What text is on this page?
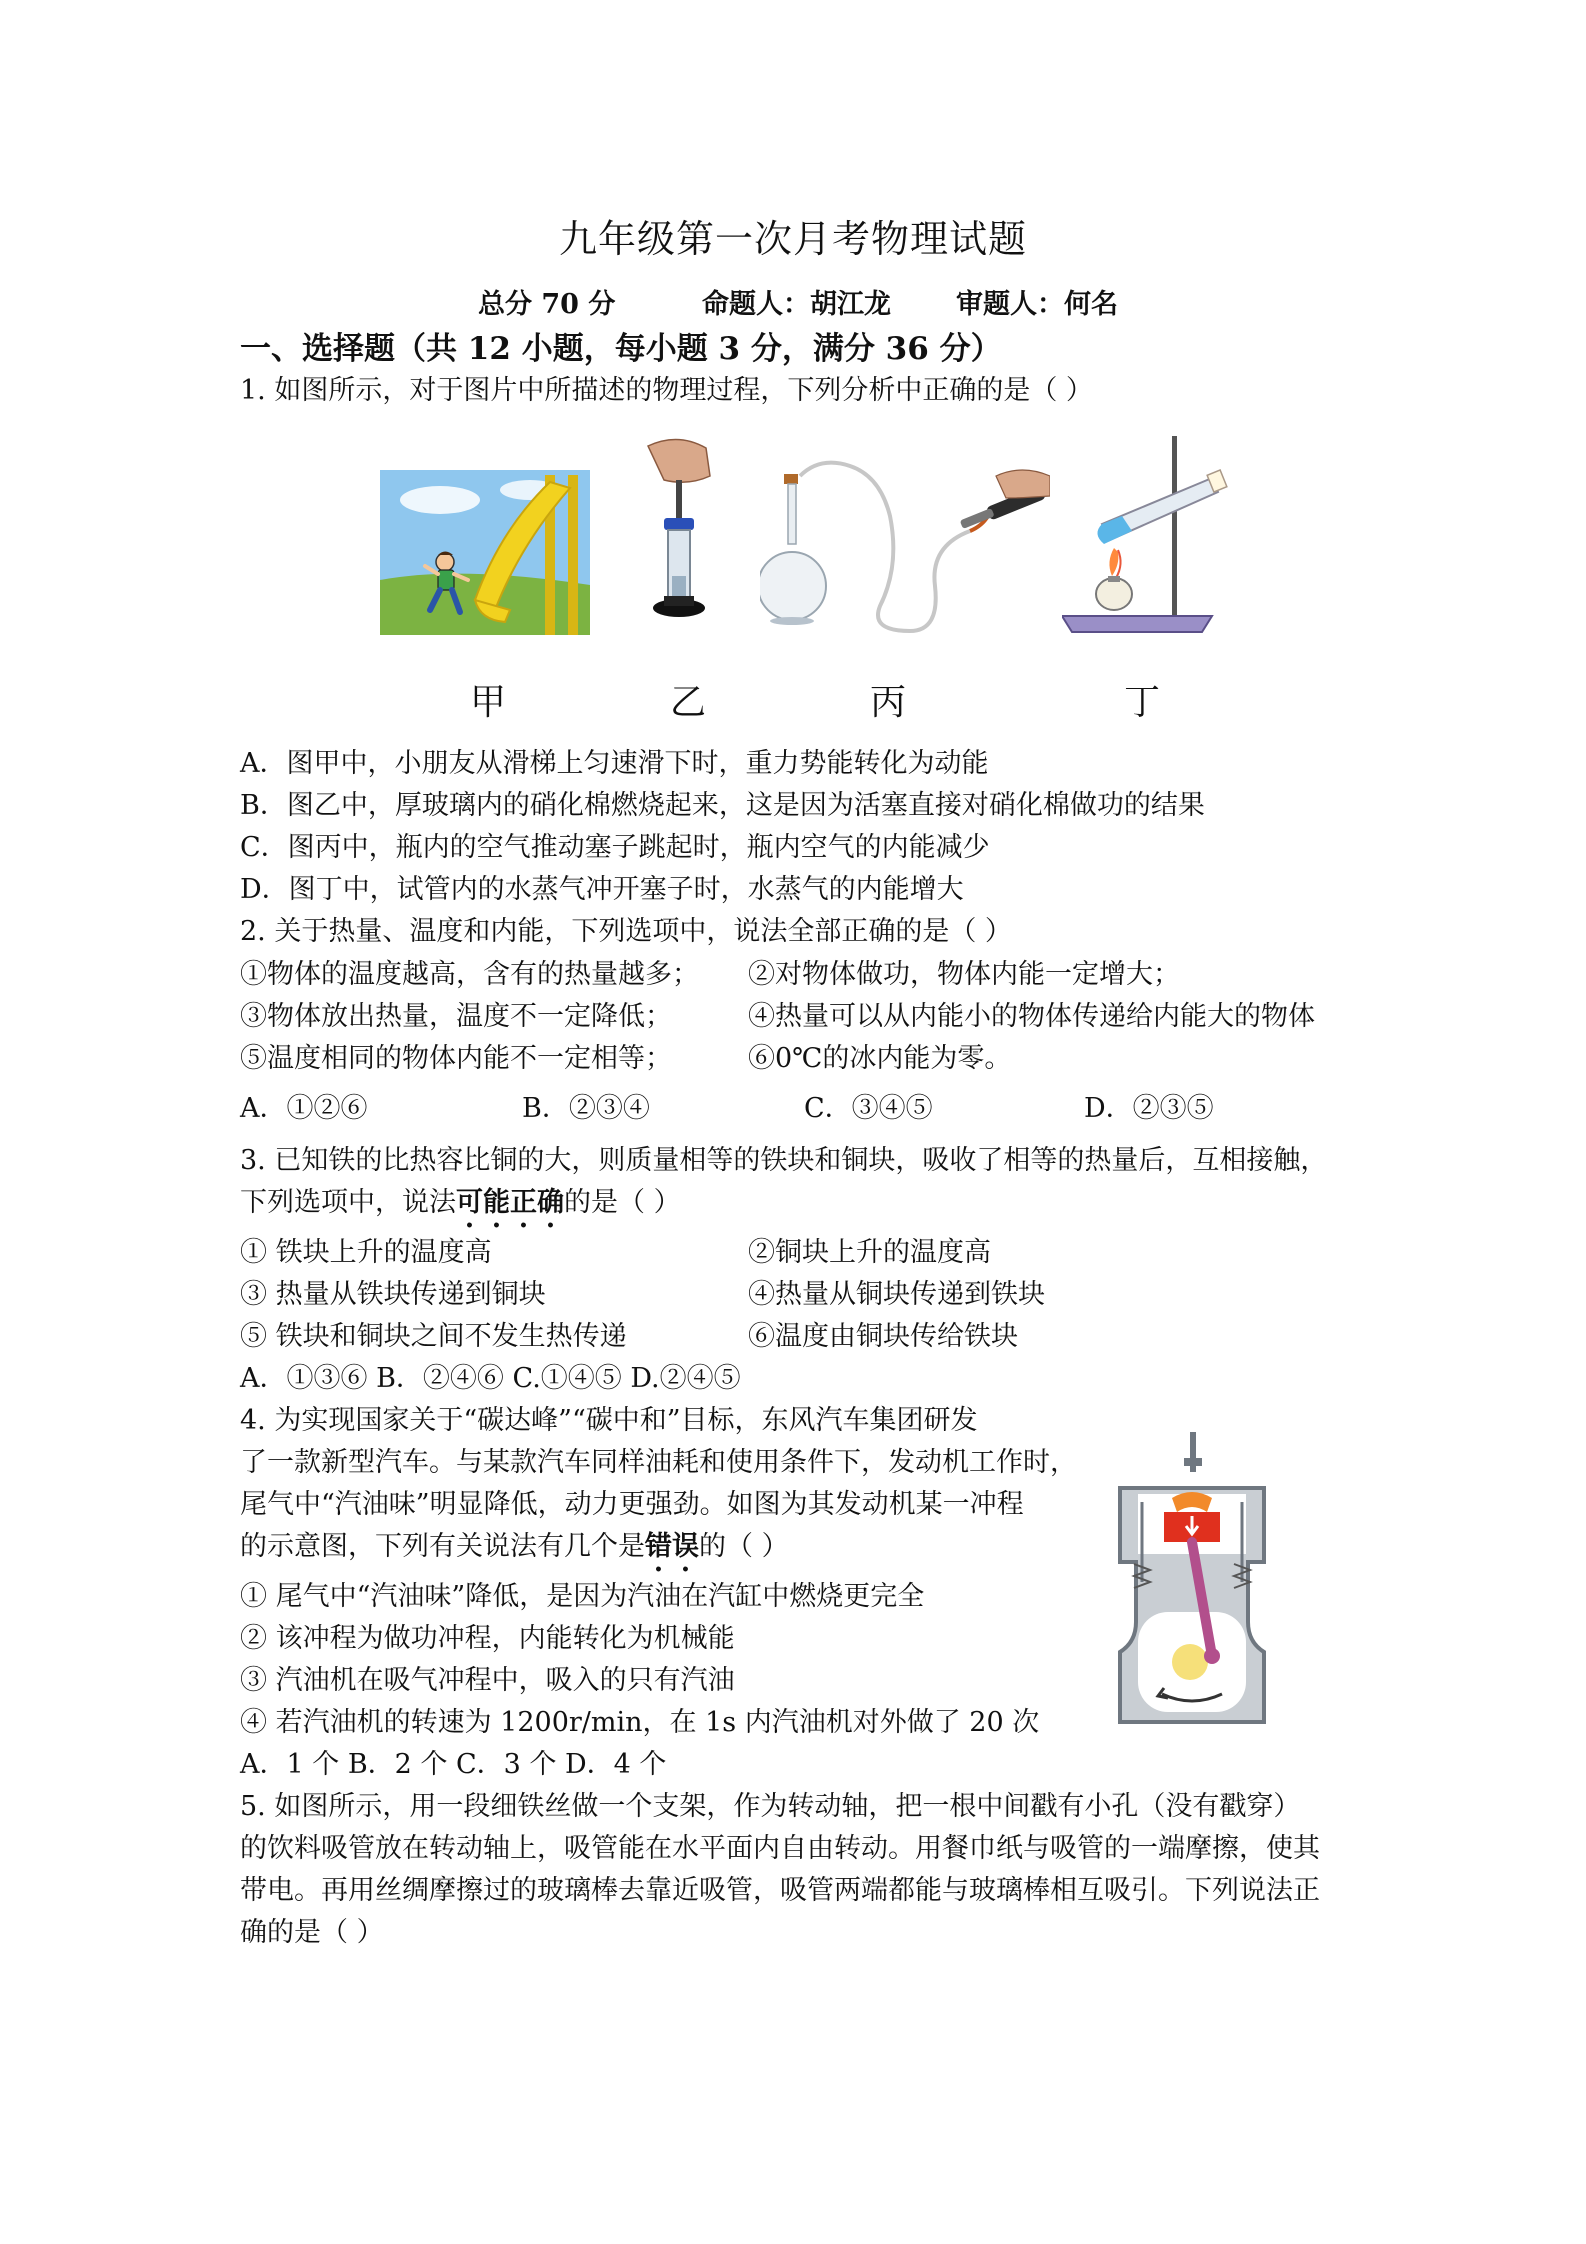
九年级第一次月考物理试题
总分 70 分	命题人：胡江龙 审题人：何名
一、选择题（共 12 小题，每小题 3 分，满分 36 分）
1. 如图所示，对于图片中所描述的物理过程，下列分析中正确的是（ ）
甲	乙	丙	丁
A．图甲中，小朋友从滑梯上匀速滑下时，重力势能转化为动能
B．图乙中，厚玻璃内的硝化棉燃烧起来，这是因为活塞直接对硝化棉做功的结果
C．图丙中，瓶内的空气推动塞子跳起时，瓶内空气的内能减少
D．图丁中，试管内的水蒸气冲开塞子时，水蒸气的内能增大
2. 关于热量、温度和内能，下列选项中，说法全部正确的是（ ）
①物体的温度越高，含有的热量越多； ②对物体做功，物体内能一定增大；
③物体放出热量，温度不一定降低；	④热量可以从内能小的物体传递给内能大的物体
⑤温度相同的物体内能不一定相等；	⑥0℃的冰内能为零。
A．①②⑥	B．②③④	C．③④⑤	D．②③⑤
3. 已知铁的比热容比铜的大，则质量相等的铁块和铜块，吸收了相等的热量后，互相接触，
下列选项中，说法可能正确的是（ ）
① 铁块上升的温度高	②铜块上升的温度高
③ 热量从铁块传递到铜块	④热量从铜块传递到铁块
⑤ 铁块和铜块之间不发生热传递	⑥温度由铜块传给铁块
A．①③⑥ B．②④⑥ C.①④⑤ D.②④⑤
4. 为实现国家关于“碳达峰”“碳中和”目标，东风汽车集团研发
了一款新型汽车。与某款汽车同样油耗和使用条件下，发动机工作时，
尾气中“汽油味”明显降低，动力更强劲。如图为其发动机某一冲程
的示意图，下列有关说法有几个是错误的（ ）
① 尾气中“汽油味”降低，是因为汽油在汽缸中燃烧更完全
② 该冲程为做功冲程，内能转化为机械能
③ 汽油机在吸气冲程中，吸入的只有汽油
④ 若汽油机的转速为 1200r/min，在 1s 内汽油机对外做了 20 次
A．1 个 B．2 个 C．3 个 D．4 个
5. 如图所示，用一段细铁丝做一个支架，作为转动轴，把一根中间戳有小孔（没有戳穿）
的饮料吸管放在转动轴上，吸管能在水平面内自由转动。用餐巾纸与吸管的一端摩擦，使其
带电。再用丝绸摩擦过的玻璃棒去靠近吸管，吸管两端都能与玻璃棒相互吸引。下列说法正
确的是（ ）
